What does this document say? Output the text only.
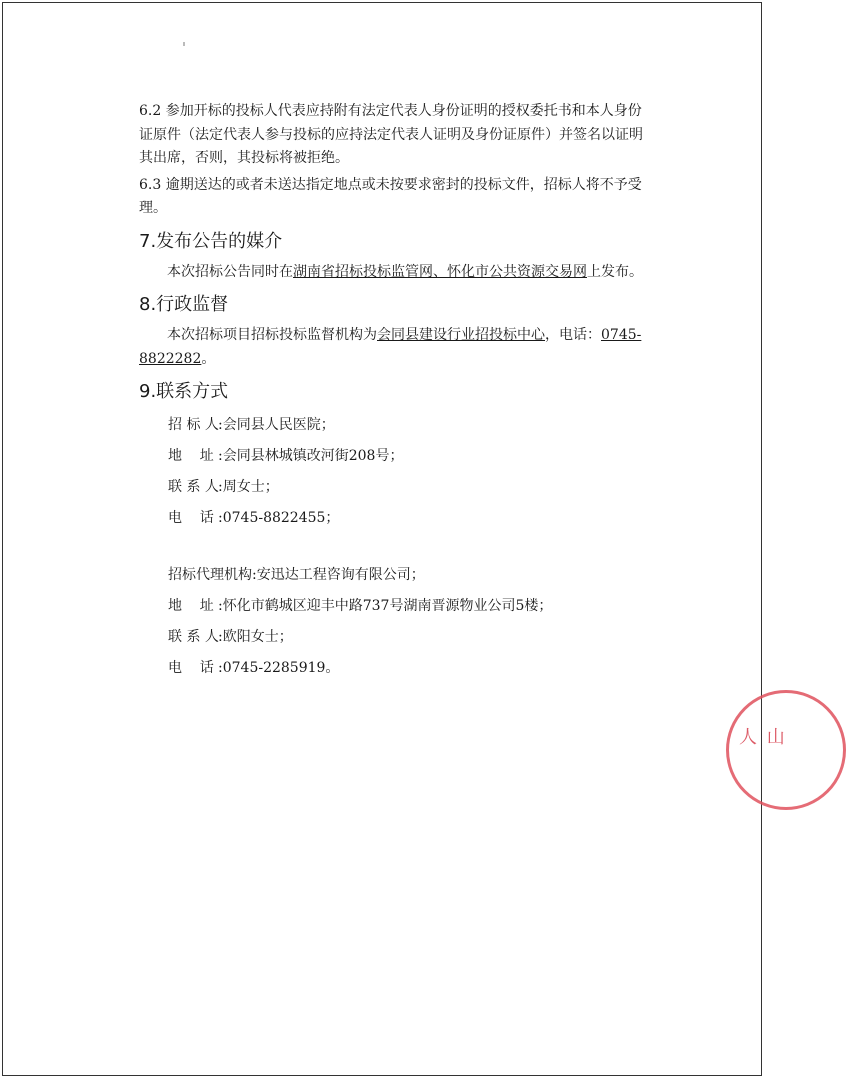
6.2 参加开标的投标人代表应持附有法定代表人身份证明的授权委托书和本人身份证原件（法定代表人参与投标的应持法定代表人证明及身份证原件）并签名以证明其出席，否则，其投标将被拒绝。

6.3 逾期送达的或者未送达指定地点或未按要求密封的投标文件，招标人将不予受理。

7.发布公告的媒介

本次招标公告同时在湖南省招标投标监管网、怀化市公共资源交易网上发布。

8.行政监督

本次招标项目招标投标监督机构为会同县建设行业招投标中心，电话：0745-8822282。

9.联系方式
招 标 人:会同县人民医院；
地    址 :会同县林城镇改河街208号；
联 系 人:周女士；
电    话 :0745-8822455；
招标代理机构:安迅达工程咨询有限公司；
地    址 :怀化市鹤城区迎丰中路737号湖南晋源物业公司5楼；
联 系 人:欧阳女士；
电    话 :0745-2285919。
人 山
